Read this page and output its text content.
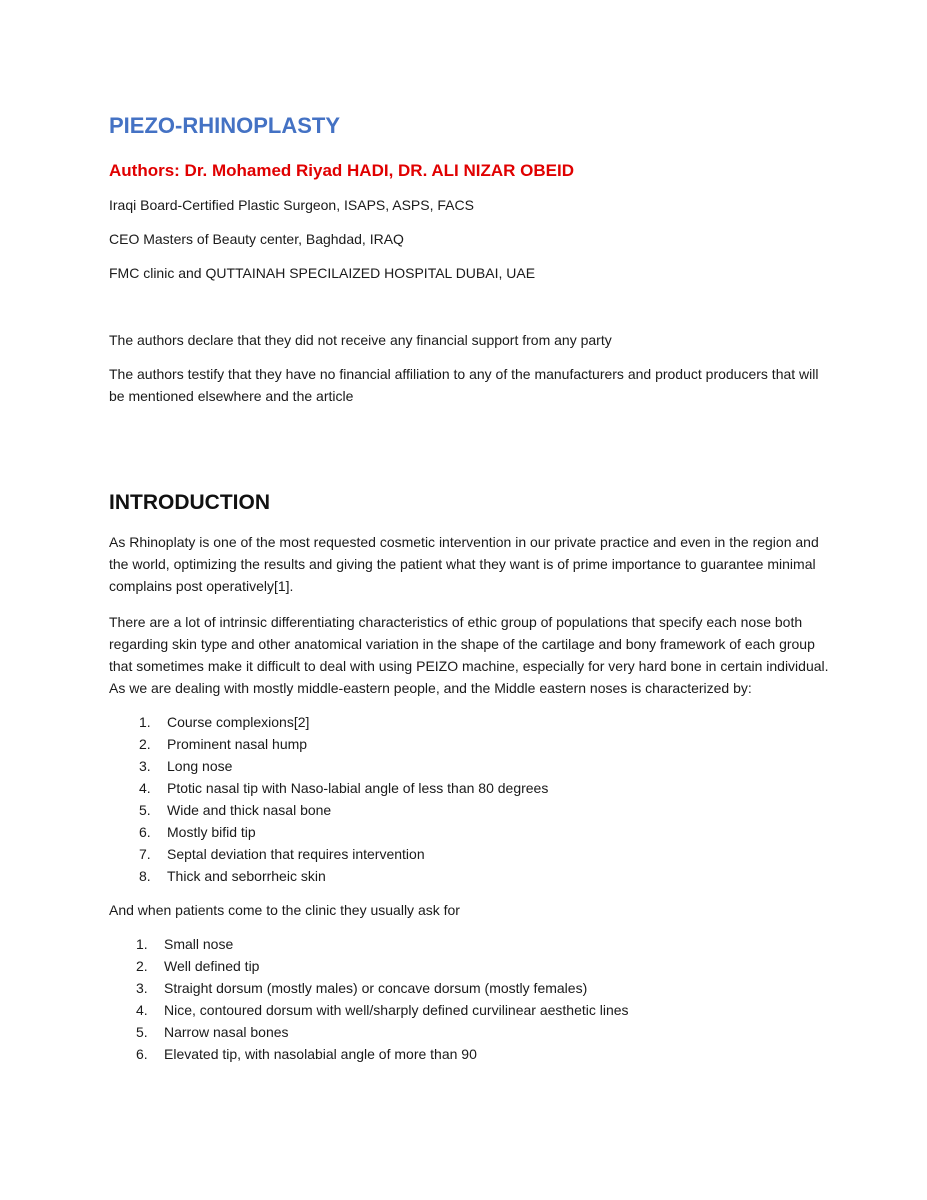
PIEZO-RHINOPLASTY

Authors: Dr. Mohamed Riyad HADI, DR. ALI NIZAR OBEID

Iraqi Board-Certified Plastic Surgeon, ISAPS, ASPS, FACS

CEO Masters of Beauty center, Baghdad, IRAQ

FMC clinic and QUTTAINAH SPECILAIZED HOSPITAL DUBAI, UAE

The authors declare that they did not receive any financial support from any party

The authors testify that they have no financial affiliation to any of the manufacturers and product producers that will be mentioned elsewhere and the article

INTRODUCTION

As Rhinoplaty is one of the most requested cosmetic intervention in our private practice and even in the region and the world, optimizing the results and giving the patient what they want is of prime importance to guarantee minimal complains post operatively[1].

There are a lot of intrinsic differentiating characteristics of ethic group of populations that specify each nose both regarding skin type and other anatomical variation in the shape of the cartilage and bony framework of each group that sometimes make it difficult to deal with using PEIZO machine, especially for very hard bone in certain individual. As we are dealing with mostly middle-eastern people, and the Middle eastern noses is characterized by:

1. Course complexions[2]
2. Prominent nasal hump
3. Long nose
4. Ptotic nasal tip with Naso-labial angle of less than 80 degrees
5. Wide and thick nasal bone
6. Mostly bifid tip
7. Septal deviation that requires intervention
8. Thick and seborrheic skin

And when patients come to the clinic they usually ask for

1. Small nose
2. Well defined tip
3. Straight dorsum (mostly males) or concave dorsum (mostly females)
4. Nice, contoured dorsum with well/sharply defined curvilinear aesthetic lines
5. Narrow nasal bones
6. Elevated tip, with nasolabial angle of more than 90
